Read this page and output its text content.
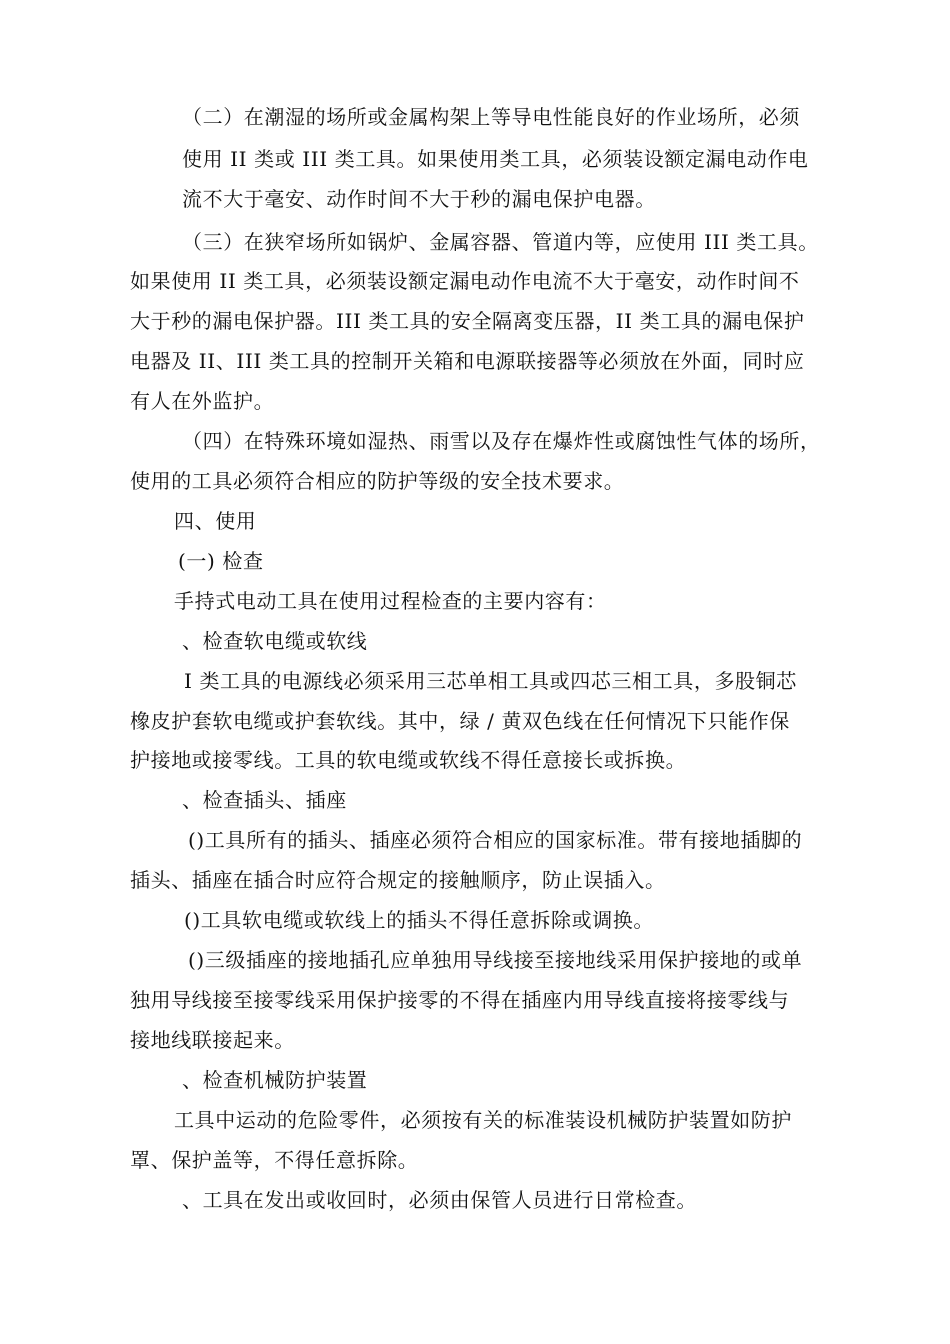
（二）在潮湿的场所或金属构架上等导电性能良好的作业场所，必须
使用 II 类或 III 类工具。如果使用类工具，必须装设额定漏电动作电
流不大于毫安、动作时间不大于秒的漏电保护电器。
（三）在狭窄场所如锅炉、金属容器、管道内等，应使用 III 类工具。
如果使用 II 类工具，必须装设额定漏电动作电流不大于毫安，动作时间不
大于秒的漏电保护器。III 类工具的安全隔离变压器，II 类工具的漏电保护
电器及 II、III 类工具的控制开关箱和电源联接器等必须放在外面，同时应
有人在外监护。
（四）在特殊环境如湿热、雨雪以及存在爆炸性或腐蚀性气体的场所，
使用的工具必须符合相应的防护等级的安全技术要求。
四、使用
(一) 检查
手持式电动工具在使用过程检查的主要内容有：
、检查软电缆或软线
I 类工具的电源线必须采用三芯单相工具或四芯三相工具，多股铜芯
橡皮护套软电缆或护套软线。其中，绿 / 黄双色线在任何情况下只能作保
护接地或接零线。工具的软电缆或软线不得任意接长或拆换。
、检查插头、插座
()工具所有的插头、插座必须符合相应的国家标准。带有接地插脚的
插头、插座在插合时应符合规定的接触顺序，防止误插入。
()工具软电缆或软线上的插头不得任意拆除或调换。
()三级插座的接地插孔应单独用导线接至接地线采用保护接地的或单
独用导线接至接零线采用保护接零的不得在插座内用导线直接将接零线与
接地线联接起来。
、检查机械防护装置
工具中运动的危险零件，必须按有关的标准装设机械防护装置如防护
罩、保护盖等，不得任意拆除。
、工具在发出或收回时，必须由保管人员进行日常检查。
